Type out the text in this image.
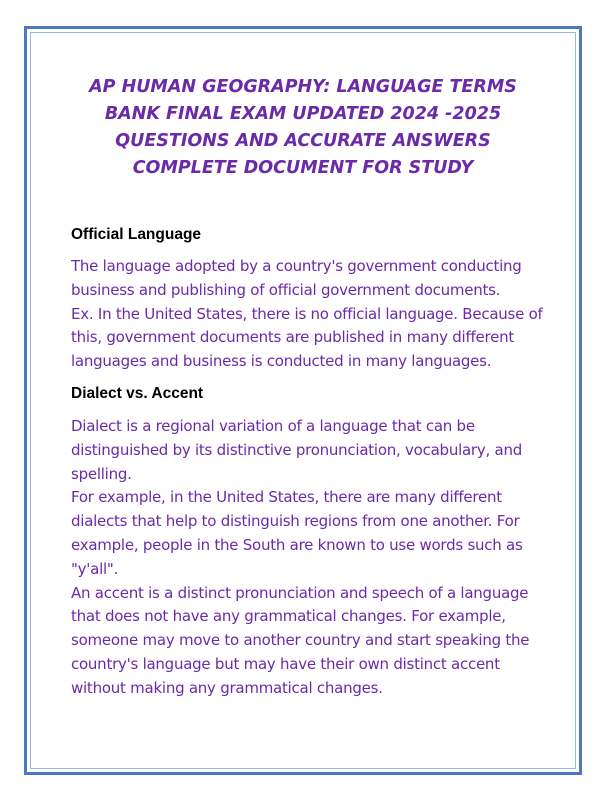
AP HUMAN GEOGRAPHY: LANGUAGE TERMS
BANK FINAL EXAM UPDATED 2024 -2025
QUESTIONS AND ACCURATE ANSWERS
COMPLETE DOCUMENT FOR STUDY
Official Language

The language adopted by a country's government conducting
business and publishing of official government documents.
Ex. In the United States, there is no official language. Because of
this, government documents are published in many different
languages and business is conducted in many languages.

Dialect vs. Accent

Dialect is a regional variation of a language that can be
distinguished by its distinctive pronunciation, vocabulary, and
spelling.
For example, in the United States, there are many different
dialects that help to distinguish regions from one another. For
example, people in the South are known to use words such as
"y'all".
An accent is a distinct pronunciation and speech of a language
that does not have any grammatical changes. For example,
someone may move to another country and start speaking the
country's language but may have their own distinct accent
without making any grammatical changes.
